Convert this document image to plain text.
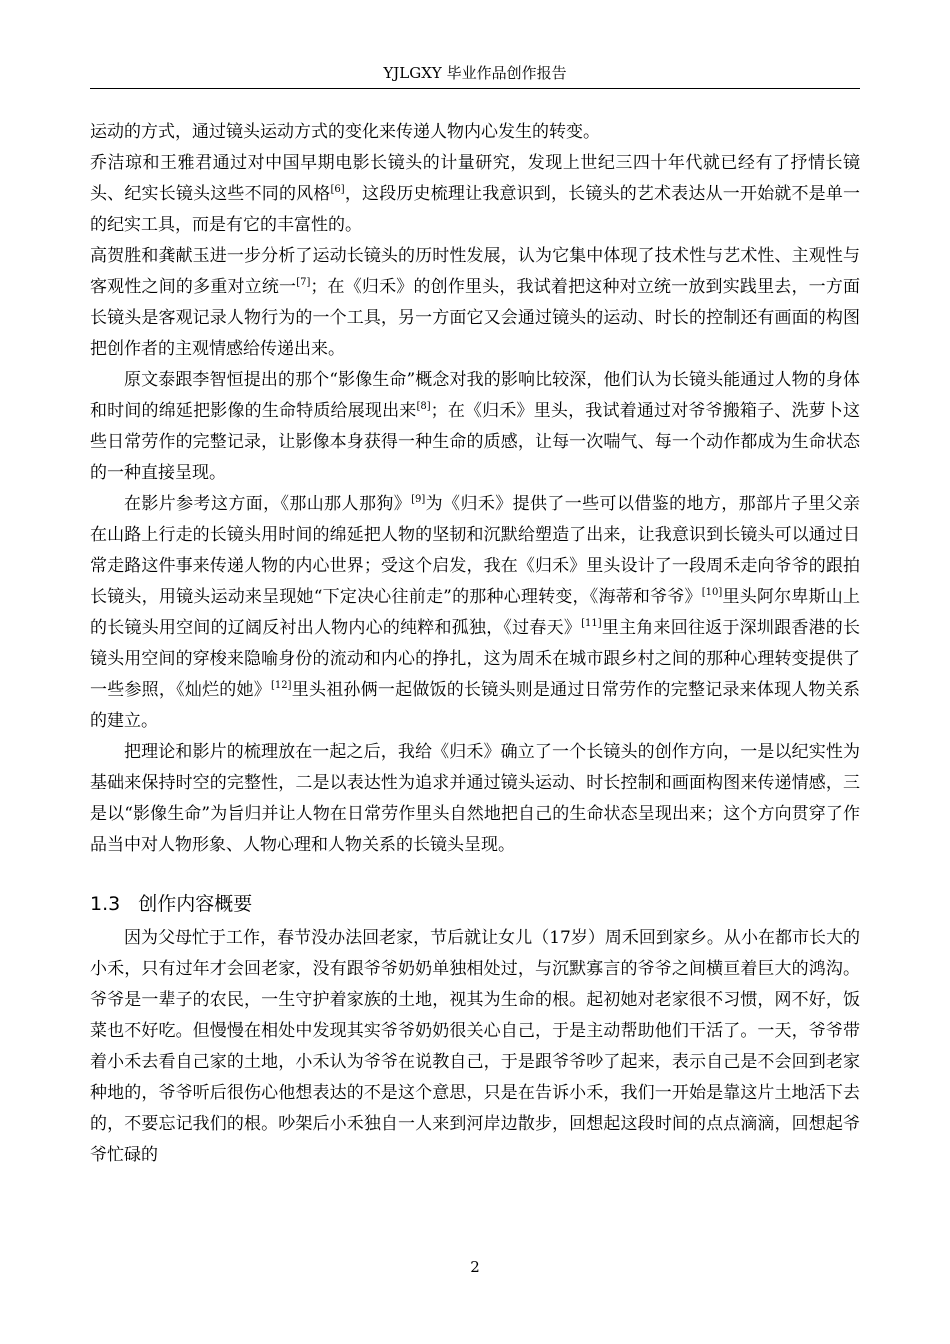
YJLGXY 毕业作品创作报告

运动的方式，通过镜头运动方式的变化来传递人物内心发生的转变。

乔洁琼和王雅君通过对中国早期电影长镜头的计量研究，发现上世纪三四十年代就已经有了抒情长镜头、纪实长镜头这些不同的风格[6]，这段历史梳理让我意识到，长镜头的艺术表达从一开始就不是单一的纪实工具，而是有它的丰富性的。

高贺胜和龚献玉进一步分析了运动长镜头的历时性发展，认为它集中体现了技术性与艺术性、主观性与客观性之间的多重对立统一[7]；在《归禾》的创作里头，我试着把这种对立统一放到实践里去，一方面长镜头是客观记录人物行为的一个工具，另一方面它又会通过镜头的运动、时长的控制还有画面的构图把创作者的主观情感给传递出来。

原文泰跟李智恒提出的那个“影像生命”概念对我的影响比较深，他们认为长镜头能通过人物的身体和时间的绵延把影像的生命特质给展现出来[8]；在《归禾》里头，我试着通过对爷爷搬箱子、洗萝卜这些日常劳作的完整记录，让影像本身获得一种生命的质感，让每一次喘气、每一个动作都成为生命状态的一种直接呈现。

在影片参考这方面，《那山那人那狗》[9]为《归禾》提供了一些可以借鉴的地方，那部片子里父亲在山路上行走的长镜头用时间的绵延把人物的坚韧和沉默给塑造了出来，让我意识到长镜头可以通过日常走路这件事来传递人物的内心世界；受这个启发，我在《归禾》里头设计了一段周禾走向爷爷的跟拍长镜头，用镜头运动来呈现她“下定决心往前走”的那种心理转变，《海蒂和爷爷》[10]里头阿尔卑斯山上的长镜头用空间的辽阔反衬出人物内心的纯粹和孤独，《过春天》[11]里主角来回往返于深圳跟香港的长镜头用空间的穿梭来隐喻身份的流动和内心的挣扎，这为周禾在城市跟乡村之间的那种心理转变提供了一些参照，《灿烂的她》[12]里头祖孙俩一起做饭的长镜头则是通过日常劳作的完整记录来体现人物关系的建立。

把理论和影片的梳理放在一起之后，我给《归禾》确立了一个长镜头的创作方向，一是以纪实性为基础来保持时空的完整性，二是以表达性为追求并通过镜头运动、时长控制和画面构图来传递情感，三是以“影像生命”为旨归并让人物在日常劳作里头自然地把自己的生命状态呈现出来；这个方向贯穿了作品当中对人物形象、人物心理和人物关系的长镜头呈现。

1.3 创作内容概要

因为父母忙于工作，春节没办法回老家，节后就让女儿（17岁）周禾回到家乡。从小在都市长大的小禾，只有过年才会回老家，没有跟爷爷奶奶单独相处过，与沉默寡言的爷爷之间横亘着巨大的鸿沟。爷爷是一辈子的农民，一生守护着家族的土地，视其为生命的根。起初她对老家很不习惯，网不好，饭菜也不好吃。但慢慢在相处中发现其实爷爷奶奶很关心自己，于是主动帮助他们干活了。一天，爷爷带着小禾去看自己家的土地，小禾认为爷爷在说教自己，于是跟爷爷吵了起来，表示自己是不会回到老家种地的，爷爷听后很伤心他想表达的不是这个意思，只是在告诉小禾，我们一开始是靠这片土地活下去的，不要忘记我们的根。吵架后小禾独自一人来到河岸边散步，回想起这段时间的点点滴滴，回想起爷爷忙碌的

2
